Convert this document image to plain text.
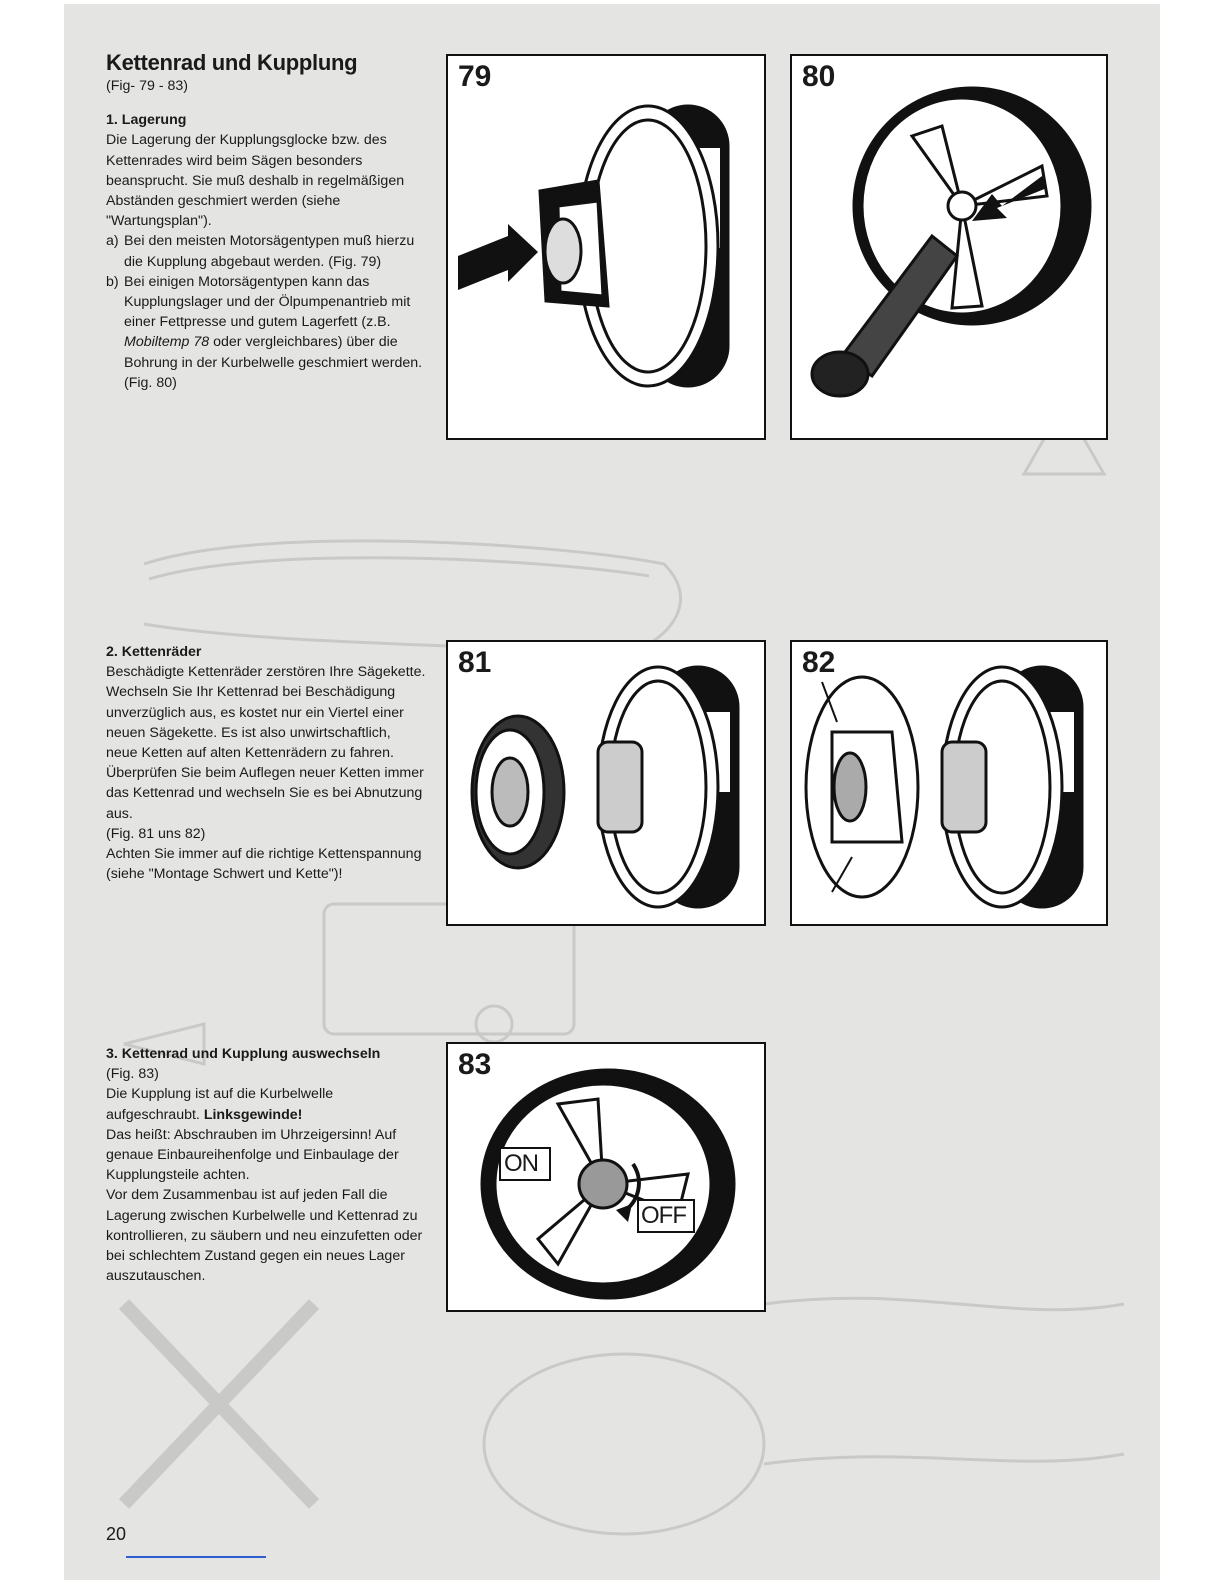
Kettenrad und Kupplung
(Fig- 79 - 83)
1. Lagerung

Die Lagerung der Kupplungsglocke bzw. des Kettenrades wird beim Sägen besonders beansprucht. Sie muß deshalb in regelmäßigen Abständen geschmiert werden (siehe "Wartungsplan").

a) Bei den meisten Motorsägentypen muß hierzu die Kupplung abgebaut werden. (Fig. 79)
b) Bei einigen Motorsägentypen kann das Kupplungslager und der Ölpumpenantrieb mit einer Fettpresse und gutem Lagerfett (z.B. Mobiltemp 78 oder vergleichbares) über die Bohrung in der Kurbelwelle geschmiert werden. (Fig. 80)
2. Kettenräder

Beschädigte Kettenräder zerstören Ihre Sägekette. Wechseln Sie Ihr Kettenrad bei Beschädigung unverzüglich aus, es kostet nur ein Viertel einer neuen Sägekette. Es ist also unwirtschaftlich, neue Ketten auf alten Kettenrädern zu fahren.

Überprüfen Sie beim Auflegen neuer Ketten immer das Kettenrad und wechseln Sie es bei Abnutzung aus.

(Fig. 81 uns 82)

Achten Sie immer auf die richtige Kettenspannung (siehe "Montage Schwert und Kette")!

3. Kettenrad und Kupplung auswechseln

(Fig. 83)

Die Kupplung ist auf die Kurbelwelle aufgeschraubt. Linksgewinde!

Das heißt: Abschrauben im Uhrzeigersinn! Auf genaue Einbaureihenfolge und Einbaulage der Kupplungsteile achten.

Vor dem Zusammenbau ist auf jeden Fall die Lagerung zwischen Kurbelwelle und Kettenrad zu kontrollieren, zu säubern und neu einzufetten oder bei schlechtem Zustand gegen ein neues Lager auszutauschen.

79	80
81	82
83
ON
OFF
20
